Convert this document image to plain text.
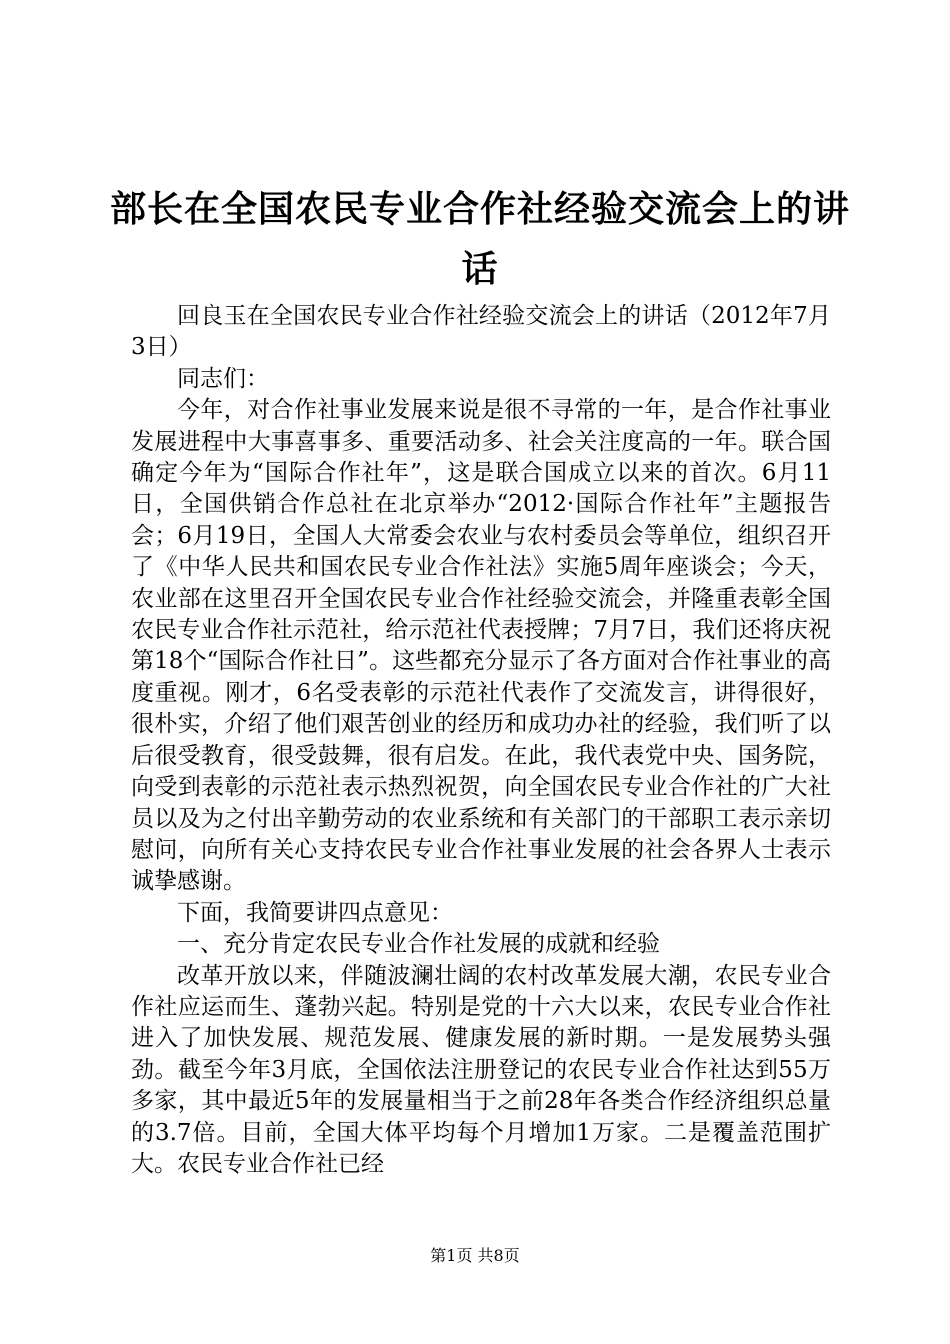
部长在全国农民专业合作社经验交流会上的讲话

回良玉在全国农民专业合作社经验交流会上的讲话（2012年7月3日）

同志们：

今年，对合作社事业发展来说是很不寻常的一年，是合作社事业发展进程中大事喜事多、重要活动多、社会关注度高的一年。联合国确定今年为“国际合作社年”，这是联合国成立以来的首次。6月11日，全国供销合作总社在北京举办“2012·国际合作社年”主题报告会；6月19日，全国人大常委会农业与农村委员会等单位，组织召开了《中华人民共和国农民专业合作社法》实施5周年座谈会；今天，农业部在这里召开全国农民专业合作社经验交流会，并隆重表彰全国农民专业合作社示范社，给示范社代表授牌；7月7日，我们还将庆祝第18个“国际合作社日”。这些都充分显示了各方面对合作社事业的高度重视。刚才，6名受表彰的示范社代表作了交流发言，讲得很好，很朴实，介绍了他们艰苦创业的经历和成功办社的经验，我们听了以后很受教育，很受鼓舞，很有启发。在此，我代表党中央、国务院，向受到表彰的示范社表示热烈祝贺，向全国农民专业合作社的广大社员以及为之付出辛勤劳动的农业系统和有关部门的干部职工表示亲切慰问，向所有关心支持农民专业合作社事业发展的社会各界人士表示诚挚感谢。

下面，我简要讲四点意见：

一、充分肯定农民专业合作社发展的成就和经验

改革开放以来，伴随波澜壮阔的农村改革发展大潮，农民专业合作社应运而生、蓬勃兴起。特别是党的十六大以来，农民专业合作社进入了加快发展、规范发展、健康发展的新时期。一是发展势头强劲。截至今年3月底，全国依法注册登记的农民专业合作社达到55万多家，其中最近5年的发展量相当于之前28年各类合作经济组织总量的3.7倍。目前，全国大体平均每个月增加1万家。二是覆盖范围扩大。农民专业合作社已经

第1页 共8页
